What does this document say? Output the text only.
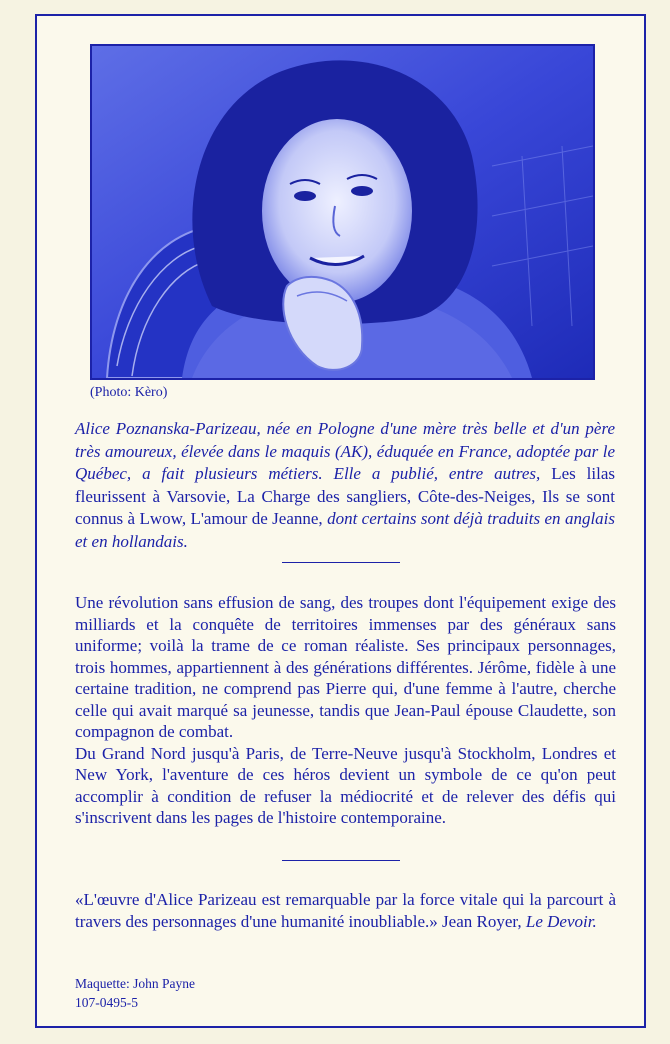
(Photo: Kèro)

Alice Poznanska-Parizeau, née en Pologne d'une mère très belle et d'un père très amoureux, élevée dans le maquis (AK), éduquée en France, adoptée par le Québec, a fait plusieurs métiers. Elle a publié, entre autres, Les lilas fleurissent à Varsovie, La Charge des sangliers, Côte-des-Neiges, Ils se sont connus à Lwow, L'amour de Jeanne, dont certains sont déjà traduits en anglais et en hollandais.

Une révolution sans effusion de sang, des troupes dont l'équipement exige des milliards et la conquête de territoires immenses par des généraux sans uniforme; voilà la trame de ce roman réaliste. Ses principaux personnages, trois hommes, appartiennent à des générations différentes. Jérôme, fidèle à une certaine tradition, ne comprend pas Pierre qui, d'une femme à l'autre, cherche celle qui avait marqué sa jeunesse, tandis que Jean-Paul épouse Claudette, son compagnon de combat.

Du Grand Nord jusqu'à Paris, de Terre-Neuve jusqu'à Stockholm, Londres et New York, l'aventure de ces héros devient un symbole de ce qu'on peut accomplir à condition de refuser la médiocrité et de relever des défis qui s'inscrivent dans les pages de l'histoire contemporaine.

«L'œuvre d'Alice Parizeau est remarquable par la force vitale qui la parcourt à travers des personnages d'une humanité inoubliable.» Jean Royer, Le Devoir.

Maquette: John Payne
107-0495-5
